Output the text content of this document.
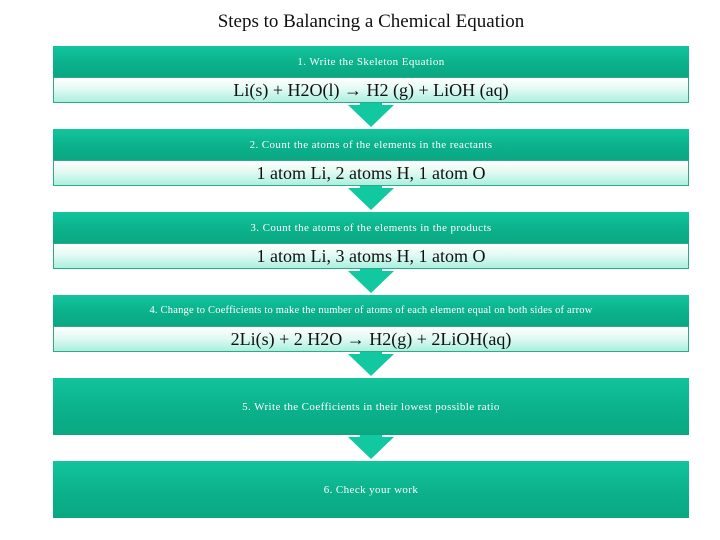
Steps to Balancing a Chemical Equation
1. Write the Skeleton Equation
Li(s) + H2O(l) → H2 (g) + LiOH (aq)
2. Count the atoms of the elements in the reactants
1 atom Li, 2 atoms H, 1 atom O
3. Count the atoms of the elements in the products
1 atom Li, 3 atoms H, 1 atom O
4. Change to Coefficients to make the number of atoms of each element equal on both sides of arrow
2Li(s) + 2 H2O → H2(g) + 2LiOH(aq)
5. Write the Coefficients in their lowest possible ratio
6. Check your work
